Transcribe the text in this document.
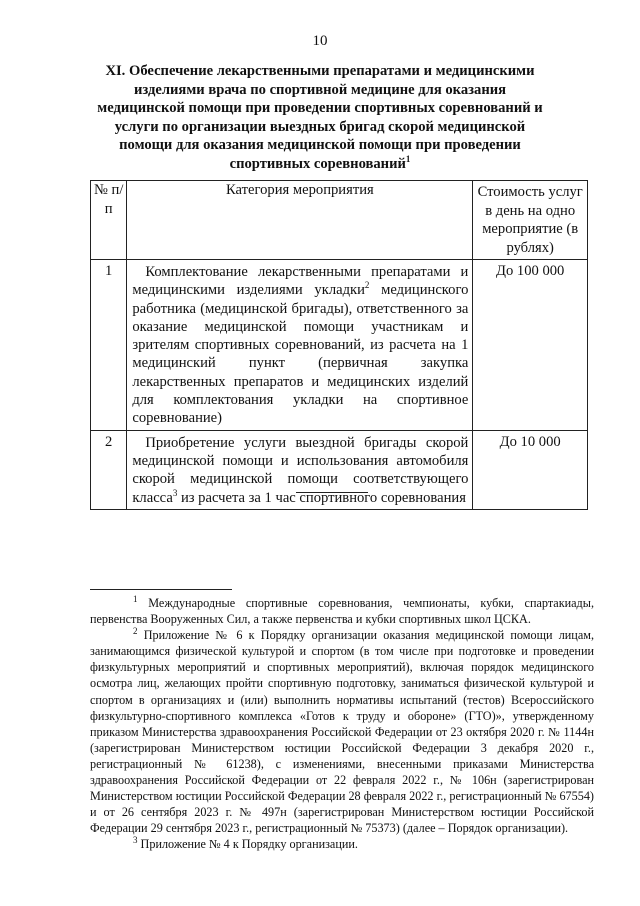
10
XI. Обеспечение лекарственными препаратами и медицинскими изделиями врача по спортивной медицине для оказания медицинской помощи при проведении спортивных соревнований и услуги по организации выездных бригад скорой медицинской помощи для оказания медицинской помощи при проведении спортивных соревнований$^1$
№ п/п	Категория мероприятия	Стоимость услуг в день на одно мероприятие (в рублях)
1	Комплектование лекарственными препаратами и медицинскими изделиями укладки$^2$ медицинского работника (медицинской бригады), ответственного за оказание медицинской помощи участникам и зрителям спортивных соревнований, из расчета на 1 медицинский пункт (первичная закупка лекарственных препаратов и медицинских изделий для комплектования укладки на спортивное соревнование)	До 100 000
2	Приобретение услуги выездной бригады скорой медицинской помощи и использования автомобиля скорой медицинской помощи соответствующего класса$^3$ из расчета за 1 час спортивного соревнования	До 10 000

$^1$ Международные спортивные соревнования, чемпионаты, кубки, спартакиады, первенства Вооруженных Сил, а также первенства и кубки спортивных школ ЦСКА.

$^2$ Приложение № 6 к Порядку организации оказания медицинской помощи лицам, занимающимся физической культурой и спортом (в том числе при подготовке и проведении физкультурных мероприятий и спортивных мероприятий), включая порядок медицинского осмотра лиц, желающих пройти спортивную подготовку, заниматься физической культурой и спортом в организациях и (или) выполнить нормативы испытаний (тестов) Всероссийского физкультурно-спортивного комплекса «Готов к труду и обороне» (ГТО)», утвержденному приказом Министерства здравоохранения Российской Федерации от 23 октября 2020 г. № 1144н (зарегистрирован Министерством юстиции Российской Федерации 3 декабря 2020 г., регистрационный № 61238), с изменениями, внесенными приказами Министерства здравоохранения Российской Федерации от 22 февраля 2022 г., № 106н (зарегистрирован Министерством юстиции Российской Федерации 28 февраля 2022 г., регистрационный № 67554) и от 26 сентября 2023 г. № 497н (зарегистрирован Министерством юстиции Российской Федерации 29 сентября 2023 г., регистрационный № 75373) (далее – Порядок организации).

$^3$ Приложение № 4 к Порядку организации.
